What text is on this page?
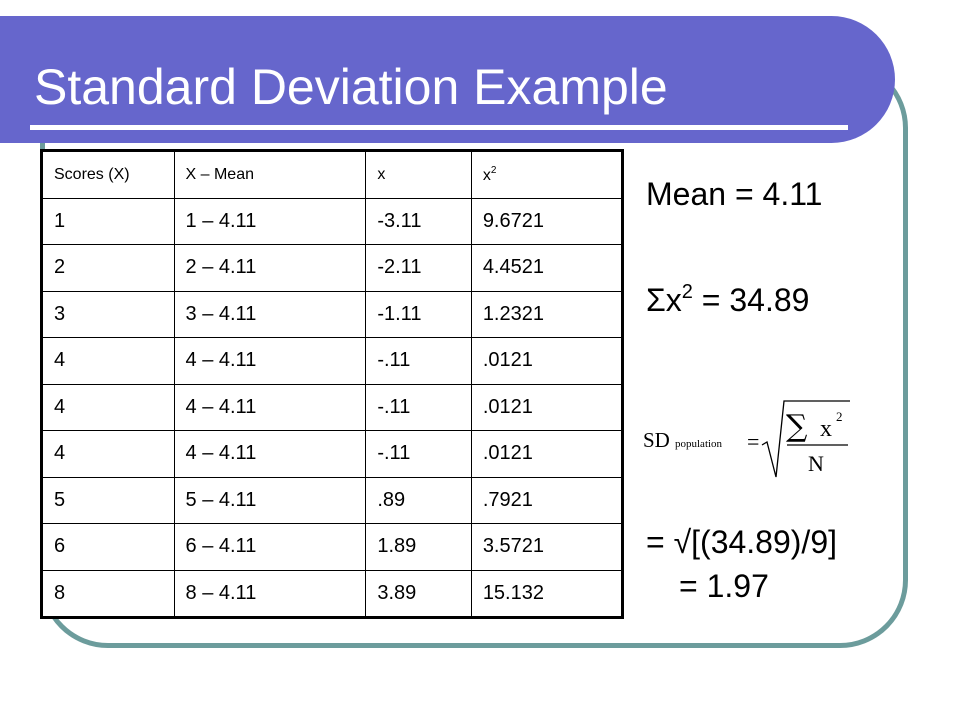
Standard Deviation Example
Scores (X)	X – Mean	x	$x^2$
1	1 – 4.11	-3.11	9.6721
2	2 – 4.11	-2.11	4.4521
3	3 – 4.11	-1.11	1.2321
4	4 – 4.11	-.11	.0121
4	4 – 4.11	-.11	.0121
4	4 – 4.11	-.11	.0121
5	5 – 4.11	.89	.7921
6	6 – 4.11	1.89	3.5721
8	8 – 4.11	3.89	15.132
Mean = 4.11
$\Sigma x^2 = 34.89$
SD population = ∑ x 2
N
= √[(34.89)/9]
= 1.97
